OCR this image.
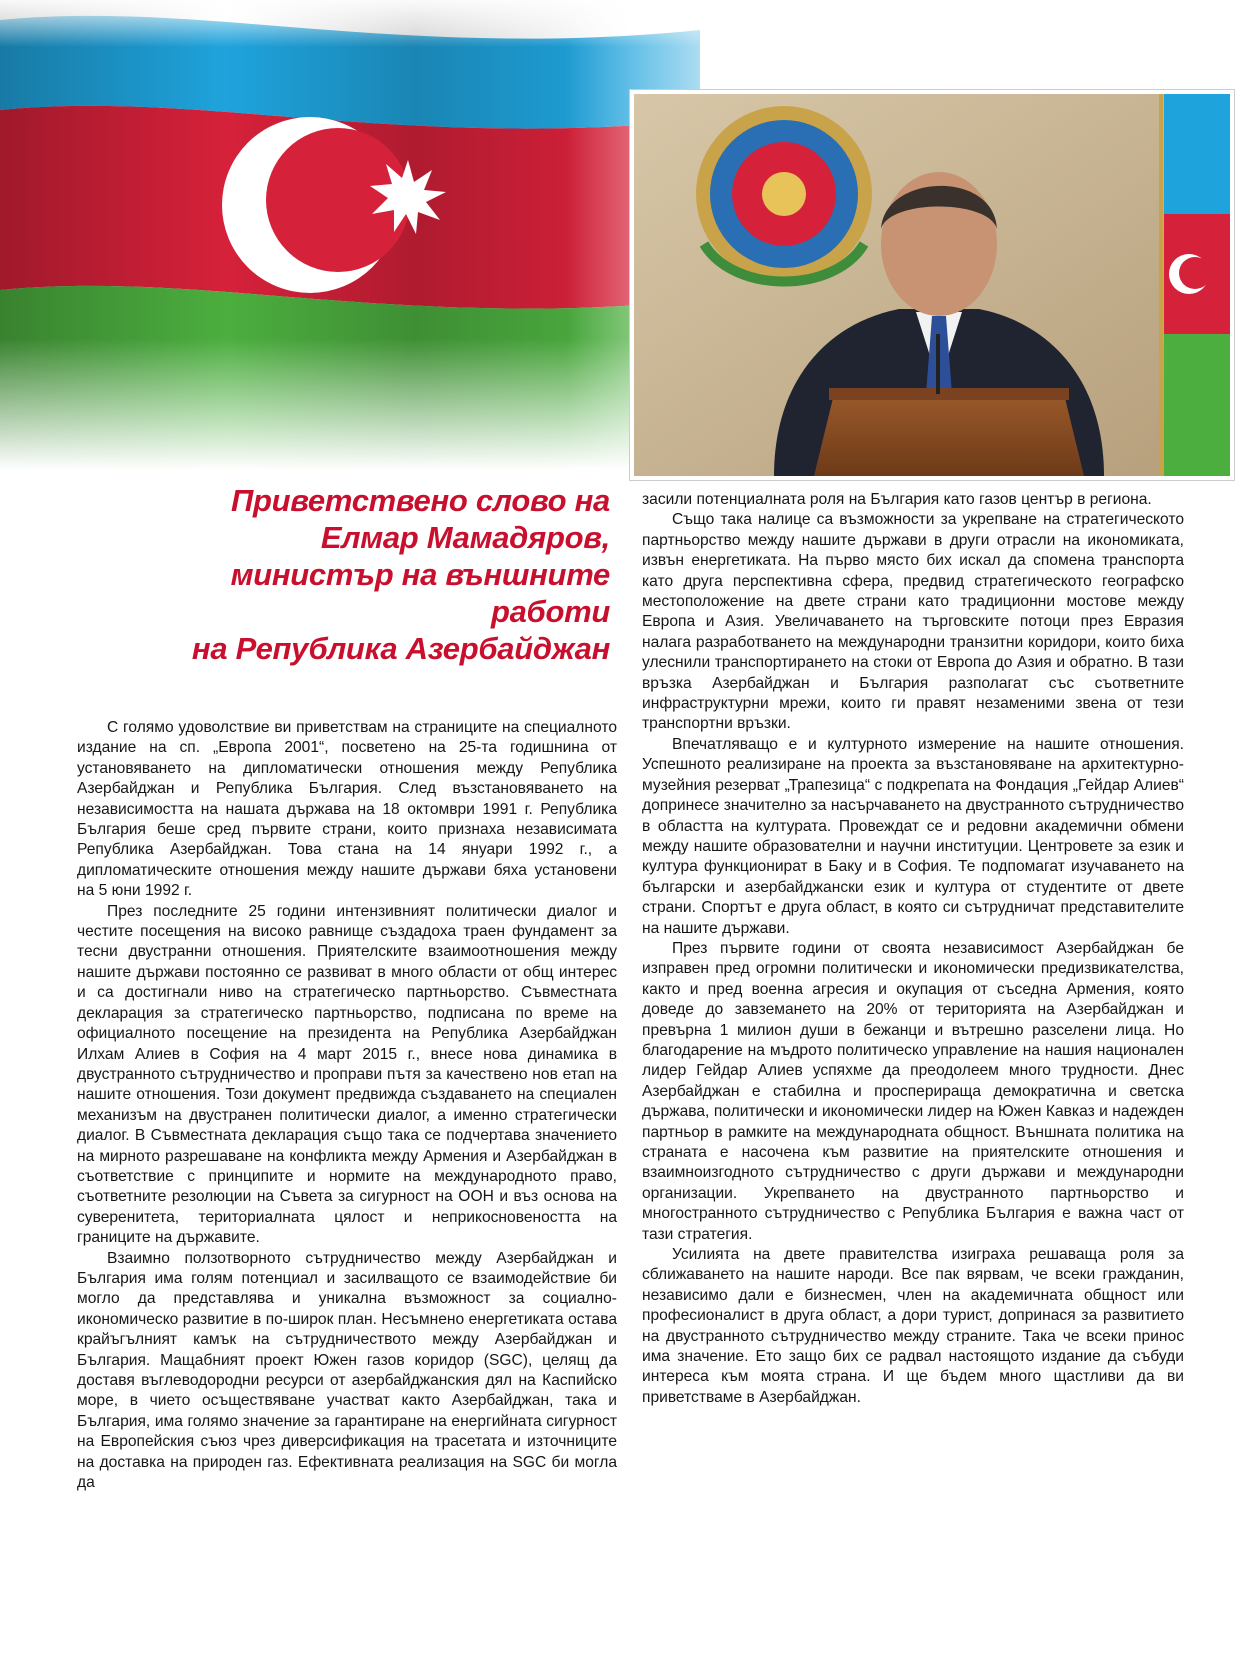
Приветствено слово на
Елмар Мамадяров,
министър на външните работи
на Република Азербайджан

С голямо удоволствие ви приветствам на страниците на специалното издание на сп. „Европа 2001“, посветено на 25-та годишнина от установяването на дипломатически отношения между Република Азербайджан и Република България. След възстановяването на независимостта на нашата държава на 18 октомври 1991 г. Република България беше сред първите страни, които признаха независимата Република Азербайджан. Това стана на 14 януари 1992 г., а дипломатическите отношения между нашите държави бяха установени на 5 юни 1992 г.

През последните 25 години интензивният политически диалог и честите посещения на високо равнище създадоха траен фундамент за тесни двустранни отношения. Приятелските взаимоотношения между нашите държави постоянно се развиват в много области от общ интерес и са достигнали ниво на стратегическо партньорство. Съвместната декларация за стратегическо партньорство, подписана по време на официалното посещение на президента на Република Азербайджан Илхам Алиев в София на 4 март 2015 г., внесе нова динамика в двустранното сътрудничество и проправи пътя за качествено нов етап на нашите отношения. Този документ предвижда създаването на специален механизъм на двустранен политически диалог, а именно стратегически диалог. В Съвместната декларация също така се подчертава значението на мирното разрешаване на конфликта между Армения и Азербайджан в съответствие с принципите и нормите на международното право, съответните резолюции на Съвета за сигурност на ООН и въз основа на суверенитета, териториалната цялост и неприкосновеността на границите на държавите.

Взаимно ползотворното сътрудничество между Азербайджан и България има голям потенциал и засилващото се взаимодействие би могло да представлява и уникална възможност за социално-икономическо развитие в по-широк план. Несъмнено енергетиката остава крайъгълният камък на сътрудничеството между Азербайджан и България. Мащабният проект Южен газов коридор (SGC), целящ да доставя въглеводородни ресурси от азербайджанския дял на Каспийско море, в чието осъществяване участват както Азербайджан, така и България, има голямо значение за гарантиране на енергийната сигурност на Европейския съюз чрез диверсификация на трасетата и източниците на доставка на природен газ. Ефективната реализация на SGC би могла да

засили потенциалната роля на България като газов център в региона.

Също така налице са възможности за укрепване на стратегическото партньорство между нашите държави в други отрасли на икономиката, извън енергетиката. На първо място бих искал да спомена транспорта като друга перспективна сфера, предвид стратегическото географско местоположение на двете страни като традиционни мостове между Европа и Азия. Увеличаването на търговските потоци през Евразия налага разработването на международни транзитни коридори, които биха улеснили транспортирането на стоки от Европа до Азия и обратно. В тази връзка Азербайджан и България разполагат със съответните инфраструктурни мрежи, които ги правят незаменими звена от тези транспортни връзки.

Впечатляващо е и културното измерение на нашите отношения. Успешното реализиране на проекта за възстановяване на архитектурно-музейния резерват „Трапезица“ с подкрепата на Фондация „Гейдар Алиев“ допринесе значително за насърчаването на двустранното сътрудничество в областта на културата. Провеждат се и редовни академични обмени между нашите образователни и научни институции. Центровете за език и култура функционират в Баку и в София. Те подпомагат изучаването на български и азербайджански език и култура от студентите от двете страни. Спортът е друга област, в която си сътрудничат представителите на нашите държави.

През първите години от своята независимост Азербайджан бе изправен пред огромни политически и икономически предизвикателства, както и пред военна агресия и окупация от съседна Армения, която доведе до завземането на 20% от територията на Азербайджан и превърна 1 милион души в бежанци и вътрешно разселени лица. Но благодарение на мъдрото политическо управление на нашия национален лидер Гейдар Алиев успяхме да преодолеем много трудности. Днес Азербайджан е стабилна и просперираща демократична и светска държава, политически и икономически лидер на Южен Кавказ и надежден партньор в рамките на международната общност. Външната политика на страната е насочена към развитие на приятелските отношения и взаимноизгодното сътрудничество с други държави и международни организации. Укрепването на двустранното партньорство и многостранното сътрудничество с Република България е важна част от тази стратегия.

Усилията на двете правителства изиграха решаваща роля за сближаването на нашите народи. Все пак вярвам, че всеки гражданин, независимо дали е бизнесмен, член на академичната общност или професионалист в друга област, а дори турист, допринася за развитието на двустранното сътрудничество между страните. Така че всеки принос има значение. Ето защо бих се радвал настоящото издание да събуди интереса към моята страна. И ще бъдем много щастливи да ви приветстваме в Азербайджан.
